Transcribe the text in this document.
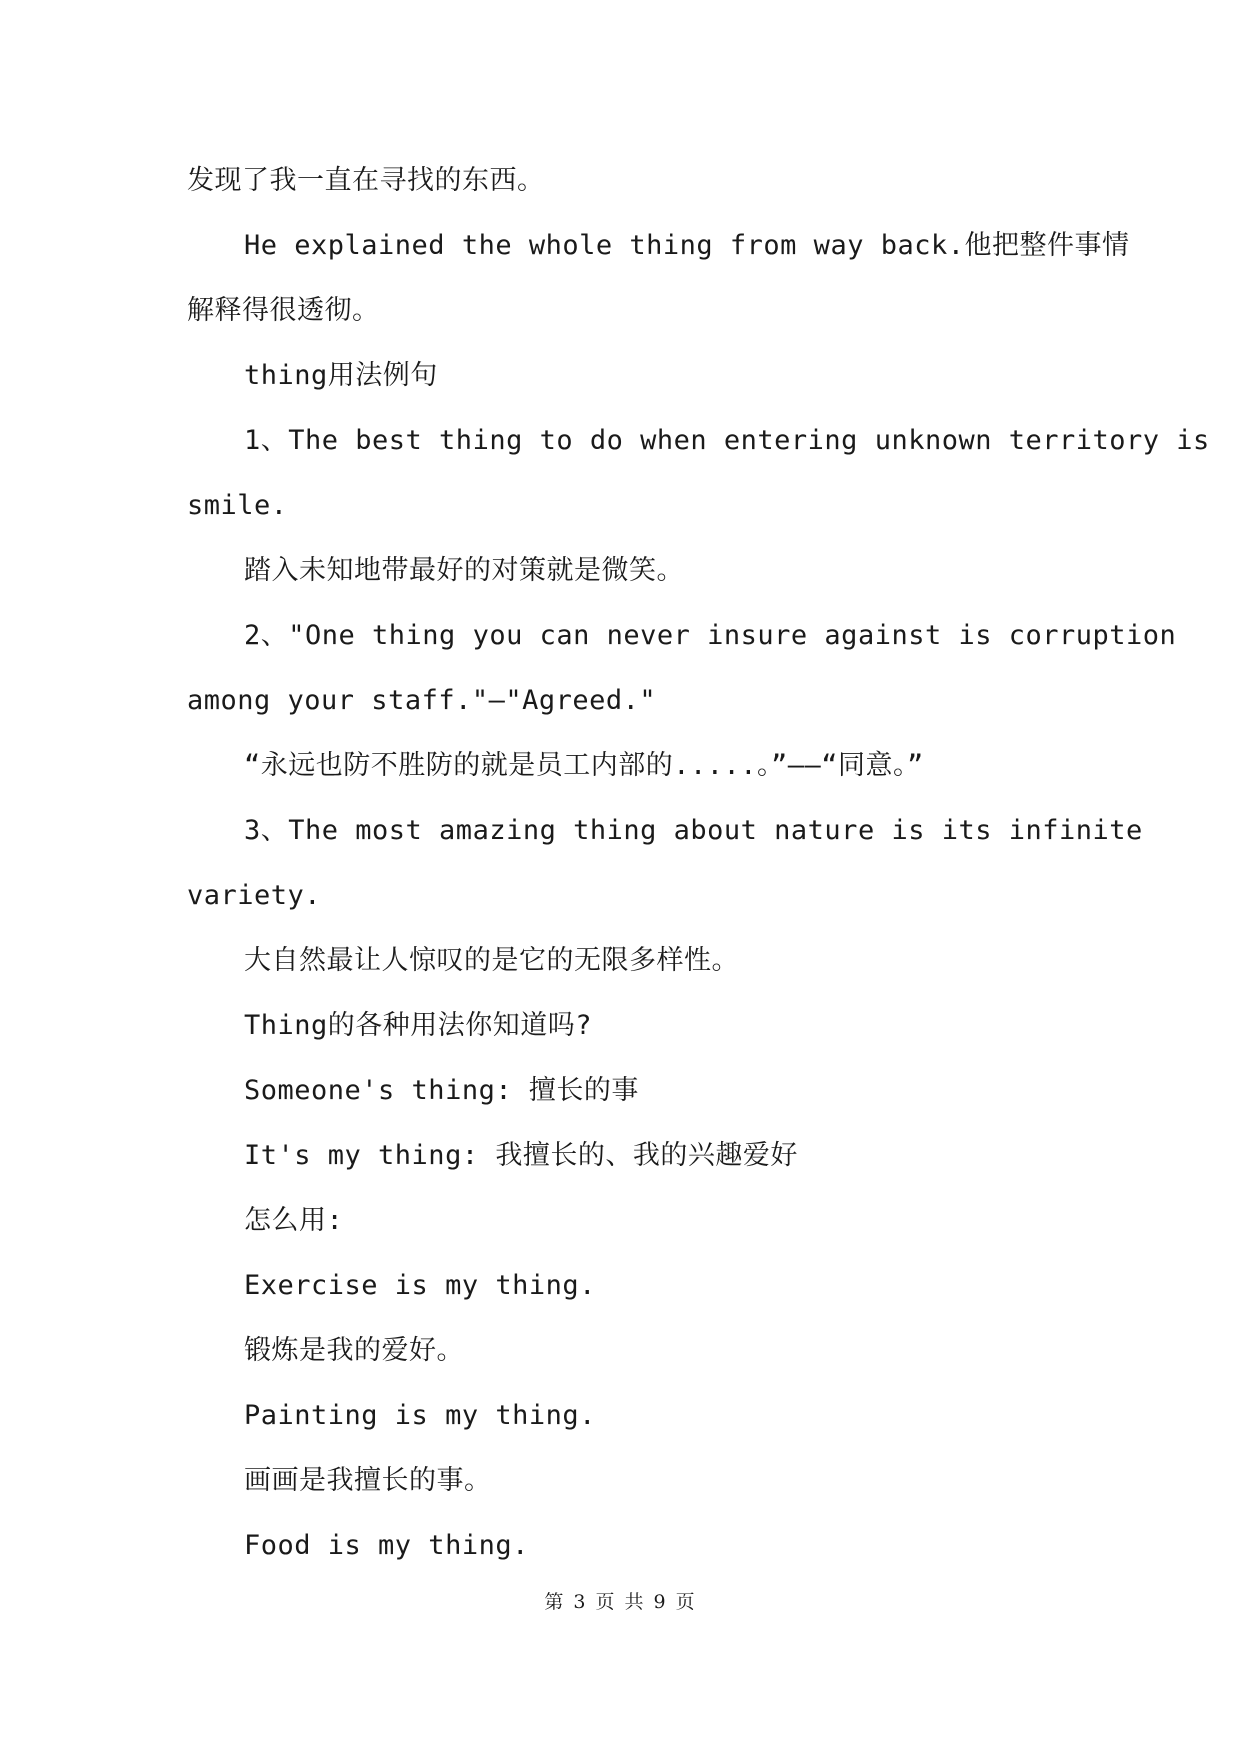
发现了我一直在寻找的东西。
He explained the whole thing from way back.他把整件事情
解释得很透彻。
thing用法例句
1、The best thing to do when entering unknown territory is
smile.
踏入未知地带最好的对策就是微笑。
2、"One thing you can never insure against is corruption
among your staff."—"Agreed."
“永远也防不胜防的就是员工内部的.....。”——“同意。”
3、The most amazing thing about nature is its infinite
variety.
大自然最让人惊叹的是它的无限多样性。
Thing的各种用法你知道吗?
Someone's thing: 擅长的事
It's my thing: 我擅长的、我的兴趣爱好
怎么用:
Exercise is my thing.
锻炼是我的爱好。
Painting is my thing.
画画是我擅长的事。
Food is my thing.
第 3 页 共 9 页
